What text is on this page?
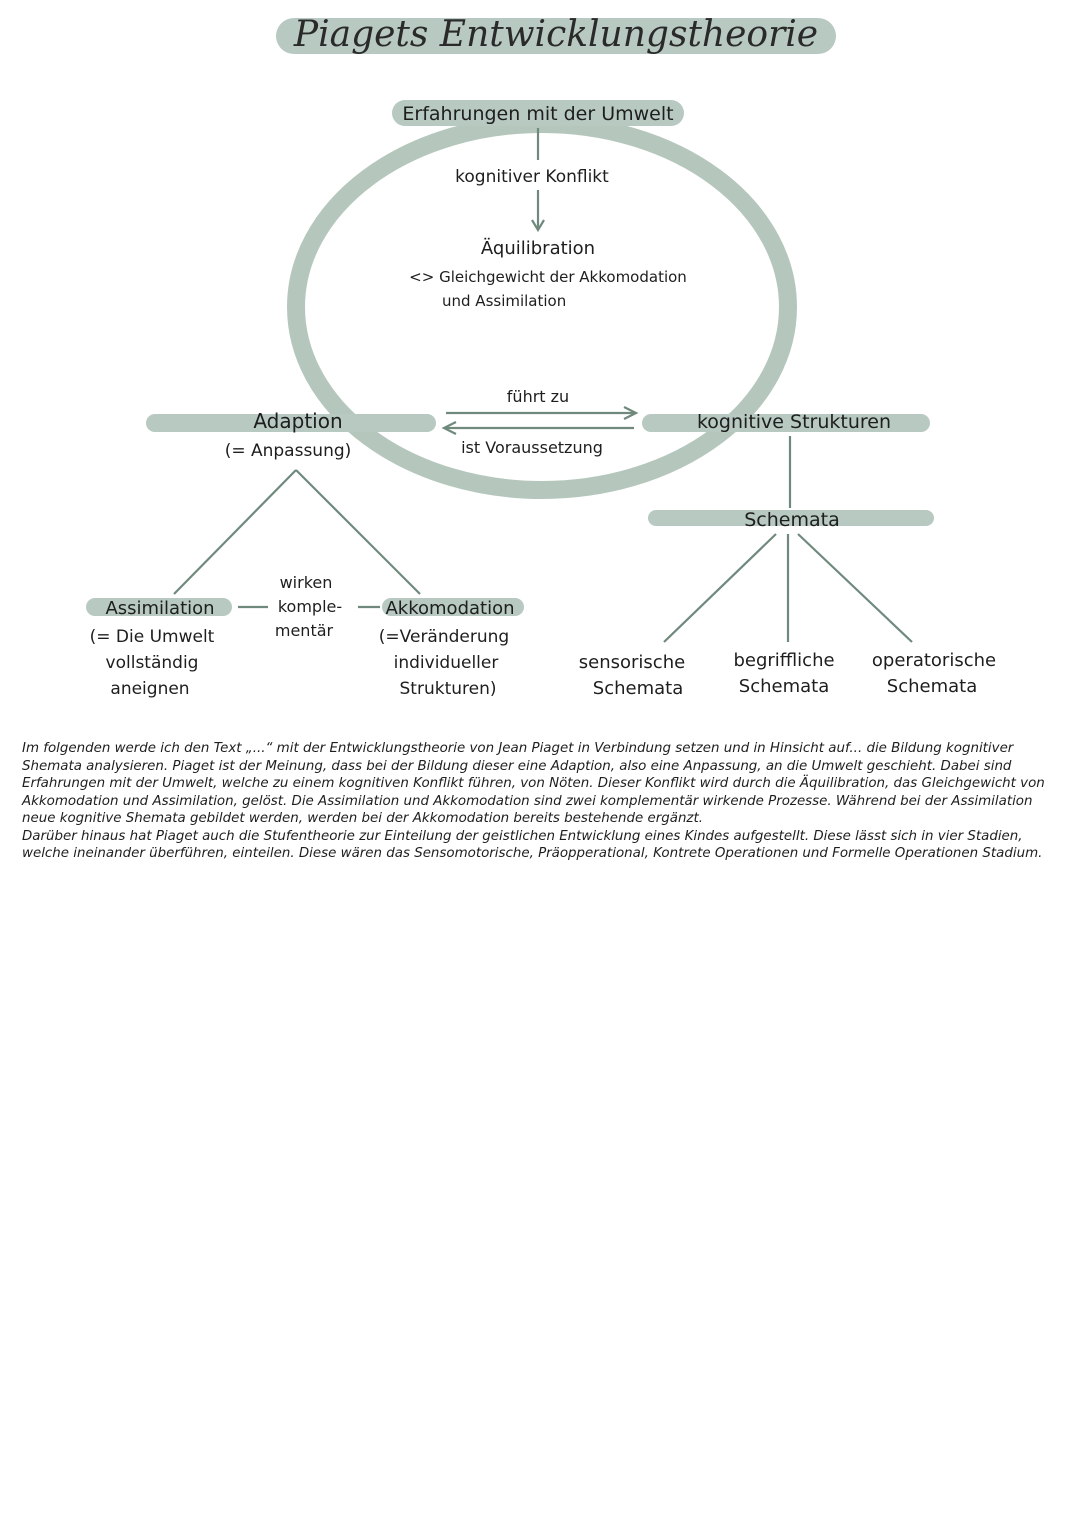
Piagets Entwicklungstheorie
Erfahrungen mit der Umwelt
kognitiver Konflikt
Äquilibration
<> Gleichgewicht der Akkomodation
und Assimilation
Adaption
(= Anpassung)
führt zu
ist Voraussetzung
kognitive Strukturen
Schemata
Assimilation
(= Die Umwelt
vollständig
aneignen
wirken
komple-
mentär
Akkomodation
(=Veränderung
individueller
Strukturen)
sensorische
Schemata
begriffliche
Schemata
operatorische
Schemata

Im folgenden werde ich den Text „...“ mit der Entwicklungstheorie von Jean Piaget in Verbindung setzen und in Hinsicht auf... die Bildung kognitiver Shemata analysieren. Piaget ist der Meinung, dass bei der Bildung dieser eine Adaption, also eine Anpassung, an die Umwelt geschieht. Dabei sind Erfahrungen mit der Umwelt, welche zu einem kognitiven Konflikt führen, von Nöten. Dieser Konflikt wird durch die Äquilibration, das Gleichgewicht von Akkomodation und Assimilation, gelöst. Die Assimilation und Akkomodation sind zwei komplementär wirkende Prozesse. Während bei der Assimilation neue kognitive Shemata gebildet werden, werden bei der Akkomodation bereits bestehende ergänzt.

Darüber hinaus hat Piaget auch die Stufentheorie zur Einteilung der geistlichen Entwicklung eines Kindes aufgestellt. Diese lässt sich in vier Stadien, welche ineinander überführen, einteilen. Diese wären das Sensomotorische, Präopperational, Kontrete Operationen und Formelle Operationen Stadium.
